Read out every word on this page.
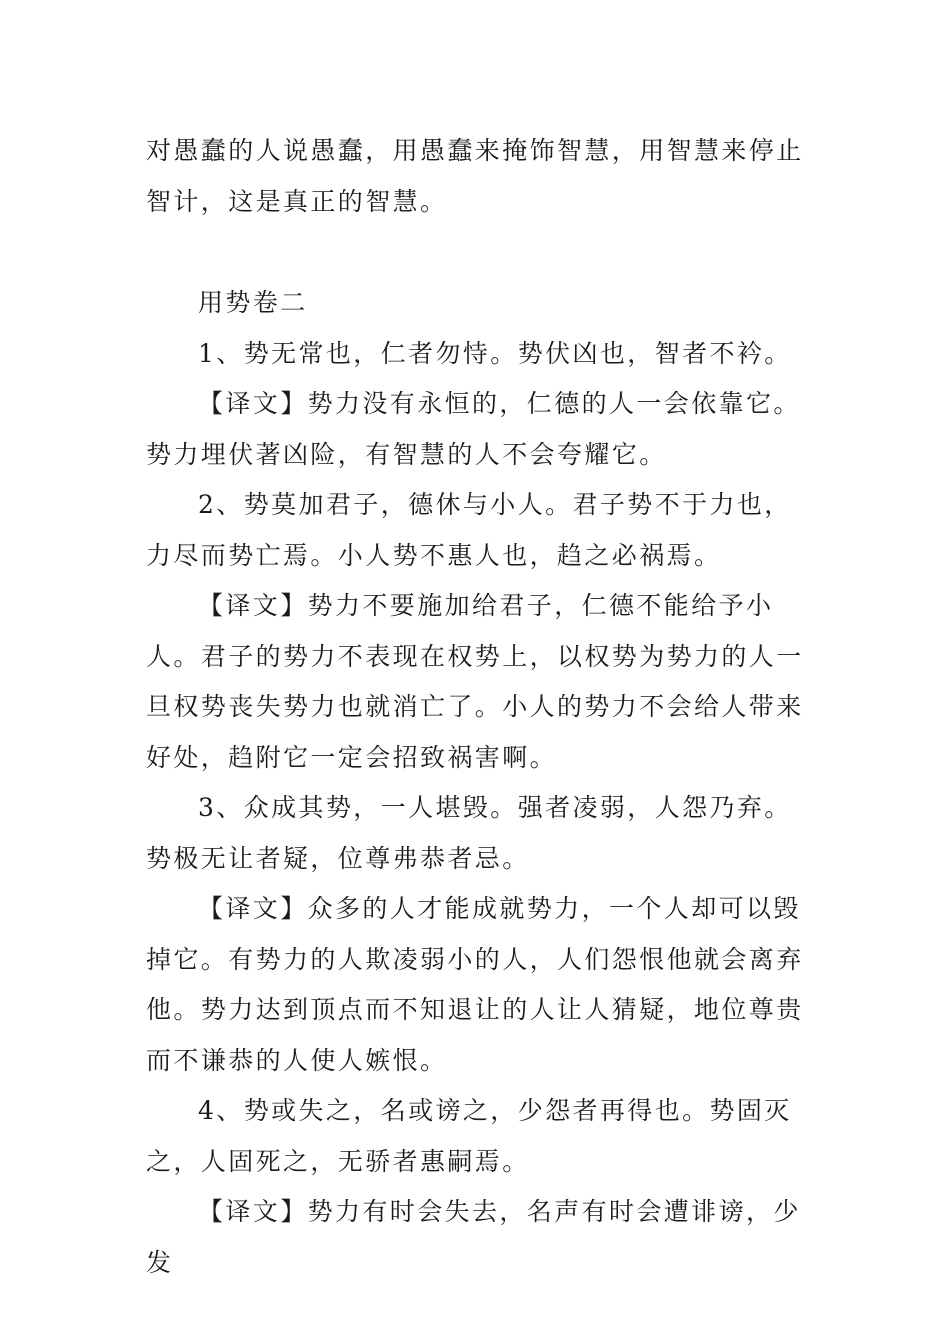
对愚蠢的人说愚蠢，用愚蠢来掩饰智慧，用智慧来停止智计，这是真正的智慧。

用势卷二

1、势无常也，仁者勿恃。势伏凶也，智者不衿。

【译文】势力没有永恒的，仁德的人一会依靠它。势力埋伏著凶险，有智慧的人不会夸耀它。

2、势莫加君子，德休与小人。君子势不于力也，力尽而势亡焉。小人势不惠人也，趋之必祸焉。

【译文】势力不要施加给君子，仁德不能给予小人。君子的势力不表现在权势上，以权势为势力的人一旦权势丧失势力也就消亡了。小人的势力不会给人带来好处，趋附它一定会招致祸害啊。

3、众成其势，一人堪毁。强者凌弱，人怨乃弃。势极无让者疑，位尊弗恭者忌。

【译文】众多的人才能成就势力，一个人却可以毁掉它。有势力的人欺凌弱小的人，人们怨恨他就会离弃他。势力达到顶点而不知退让的人让人猜疑，地位尊贵而不谦恭的人使人嫉恨。

4、势或失之，名或谤之，少怨者再得也。势固灭之，人固死之，无骄者惠嗣焉。

【译文】势力有时会失去，名声有时会遭诽谤，少发
